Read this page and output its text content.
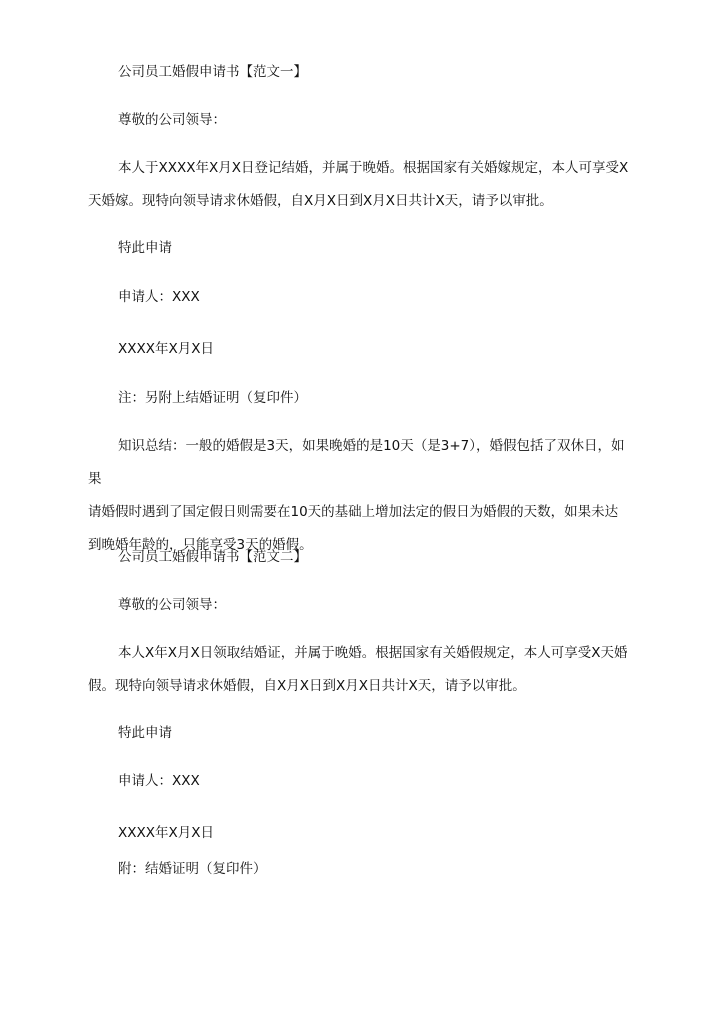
公司员工婚假申请书【范文一】

尊敬的公司领导：

本人于XXXX年X月X日登记结婚，并属于晚婚。根据国家有关婚嫁规定，本人可享受X
天婚嫁。现特向领导请求休婚假，自X月X日到X月X日共计X天，请予以审批。

特此申请

申请人：XXX

XXXX年X月X日

注：另附上结婚证明（复印件）

知识总结：一般的婚假是3天，如果晚婚的是10天（是3+7），婚假包括了双休日，如果
请婚假时遇到了国定假日则需要在10天的基础上增加法定的假日为婚假的天数，如果未达
到晚婚年龄的，只能享受3天的婚假。

公司员工婚假申请书【范文二】

尊敬的公司领导：

本人X年X月X日领取结婚证，并属于晚婚。根据国家有关婚假规定，本人可享受X天婚
假。现特向领导请求休婚假，自X月X日到X月X日共计X天，请予以审批。

特此申请

申请人：XXX

XXXX年X月X日

附：结婚证明（复印件）
